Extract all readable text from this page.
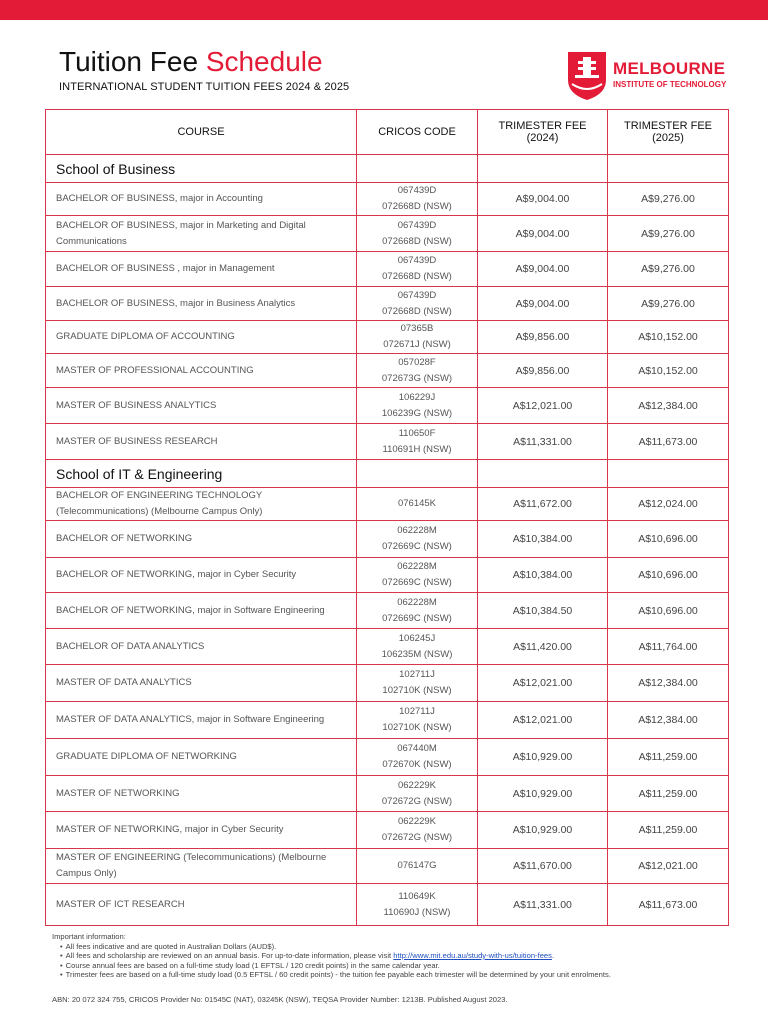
Tuition Fee Schedule
INTERNATIONAL STUDENT TUITION FEES 2024 & 2025
MELBOURNE
INSTITUTE OF TECHNOLOGY
COURSE	CRICOS CODE	TRIMESTER FEE
(2024)	TRIMESTER FEE
(2025)

School of Business			
BACHELOR OF BUSINESS, major in Accounting	067439D
072668D (NSW)	A$9,004.00	A$9,276.00
BACHELOR OF BUSINESS, major in Marketing and Digital Communications	067439D
072668D (NSW)	A$9,004.00	A$9,276.00
BACHELOR OF BUSINESS , major in Management	067439D
072668D (NSW)	A$9,004.00	A$9,276.00
BACHELOR OF BUSINESS, major in Business Analytics	067439D
072668D (NSW)	A$9,004.00	A$9,276.00
GRADUATE DIPLOMA OF ACCOUNTING	07365B
072671J (NSW)	A$9,856.00	A$10,152.00
MASTER OF PROFESSIONAL ACCOUNTING	057028F
072673G (NSW)	A$9,856.00	A$10,152.00
MASTER OF BUSINESS ANALYTICS	106229J
106239G (NSW)	A$12,021.00	A$12,384.00
MASTER OF BUSINESS RESEARCH	110650F
110691H (NSW)	A$11,331.00	A$11,673.00
School of IT & Engineering			
BACHELOR OF ENGINEERING TECHNOLOGY (Telecommunications) (Melbourne Campus Only)	076145K	A$11,672.00	A$12,024.00
BACHELOR OF NETWORKING	062228M
072669C (NSW)	A$10,384.00	A$10,696.00
BACHELOR OF NETWORKING, major in Cyber Security	062228M
072669C (NSW)	A$10,384.00	A$10,696.00
BACHELOR OF NETWORKING, major in Software Engineering	062228M
072669C (NSW)	A$10,384.50	A$10,696.00
BACHELOR OF DATA ANALYTICS	106245J
106235M (NSW)	A$11,420.00	A$11,764.00
MASTER OF DATA ANALYTICS	102711J
102710K (NSW)	A$12,021.00	A$12,384.00
MASTER OF DATA ANALYTICS, major in Software Engineering	102711J
102710K (NSW)	A$12,021.00	A$12,384.00
GRADUATE DIPLOMA OF NETWORKING	067440M
072670K (NSW)	A$10,929.00	A$11,259.00
MASTER OF NETWORKING	062229K
072672G (NSW)	A$10,929.00	A$11,259.00
MASTER OF NETWORKING, major in Cyber Security	062229K
072672G (NSW)	A$10,929.00	A$11,259.00
MASTER OF ENGINEERING (Telecommunications) (Melbourne Campus Only)	076147G	A$11,670.00	A$12,021.00
MASTER OF ICT RESEARCH	110649K
110690J (NSW)	A$11,331.00	A$11,673.00
Important information:
• All fees indicative and are quoted in Australian Dollars (AUD$).
• All fees and scholarship are reviewed on an annual basis. For up-to-date information, please visit http://www.mit.edu.au/study-with-us/tuition-fees.
• Course annual fees are based on a full-time study load (1 EFTSL / 120 credit points) in the same calendar year.
• Trimester fees are based on a full-time study load (0.5 EFTSL / 60 credit points) - the tuition fee payable each trimester will be determined by your unit enrolments.
ABN: 20 072 324 755, CRICOS Provider No: 01545C (NAT), 03245K (NSW), TEQSA Provider Number: 1213B. Published August 2023.
